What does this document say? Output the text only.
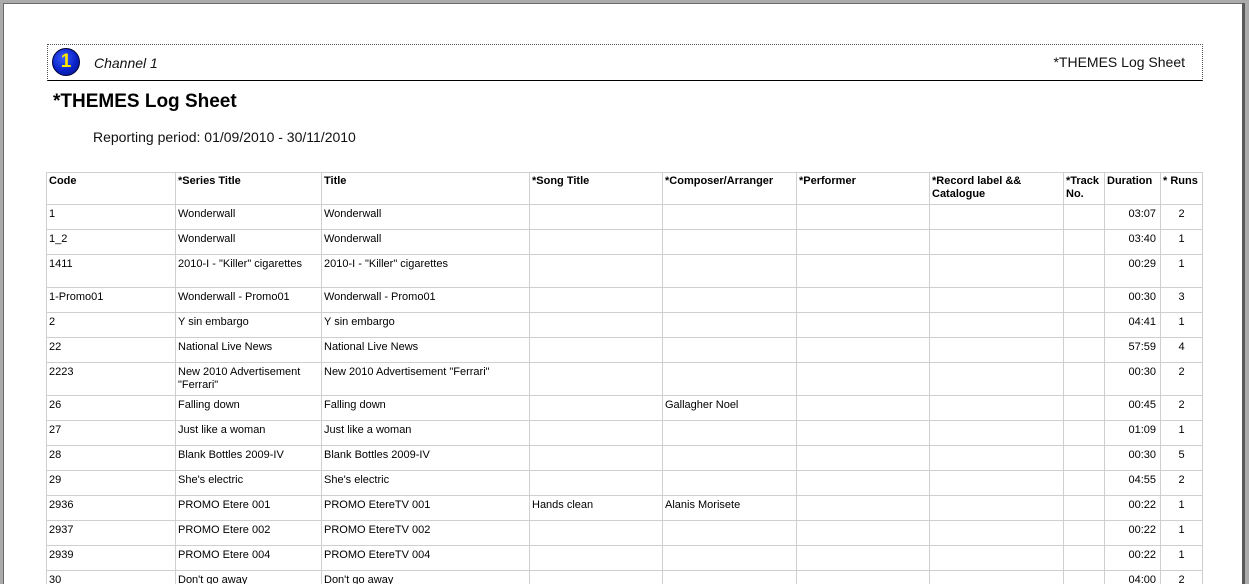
1	Channel 1	*THEMES Log Sheet
*THEMES Log Sheet
Reporting period: 01/09/2010 - 30/11/2010
Code	*Series Title	Title	*Song Title	*Composer/Arranger	*Performer	*Record label && Catalogue	*Track No.	Duration	* Runs
1	Wonderwall	Wonderwall						03:07	2
1_2	Wonderwall	Wonderwall						03:40	1
1411	2010-I - "Killer" cigarettes	2010-I - "Killer" cigarettes						00:29	1
1-Promo01	Wonderwall - Promo01	Wonderwall - Promo01						00:30	3
2	Y sin embargo	Y sin embargo						04:41	1
22	National Live News	National Live News						57:59	4
2223	New 2010 Advertisement "Ferrari"	New 2010 Advertisement "Ferrari"						00:30	2
26	Falling down	Falling down		Gallagher Noel				00:45	2
27	Just like a woman	Just like a woman						01:09	1
28	Blank Bottles 2009-IV	Blank Bottles 2009-IV						00:30	5
29	She's electric	She's electric						04:55	2
2936	PROMO Etere 001	PROMO EtereTV 001	Hands clean	Alanis Morisete				00:22	1
2937	PROMO Etere 002	PROMO EtereTV 002						00:22	1
2939	PROMO Etere 004	PROMO EtereTV 004						00:22	1
30	Don't go away	Don't go away						04:00	2
